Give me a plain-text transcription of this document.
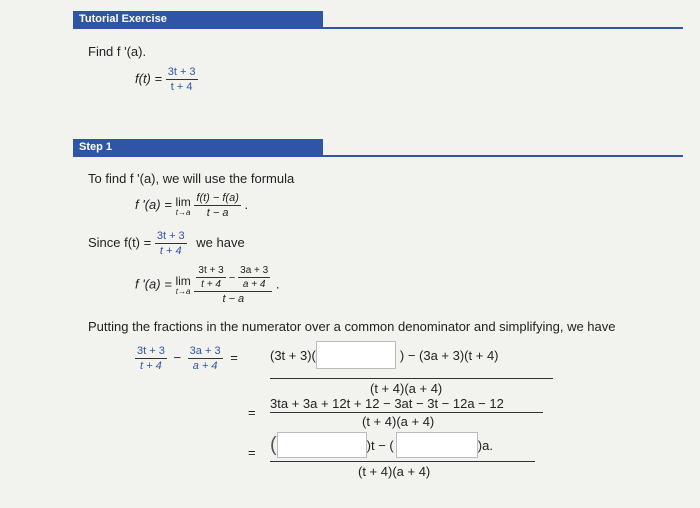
Tutorial Exercise
Find f '(a).
$f(t) = \frac{3t + 3}{t + 4}$
Step 1
To find f '(a), we will use the formula
f '(a) = lim
t→a
$\frac{f(t) - f(a)}{t - a}$ .
Since $f(t) = \frac{3t + 3}{t + 4}$ we have
f '(a) = lim
t→a

$\frac{3t + 3}{t + 4} - \frac{3a + 3}{a + 4}$
t − a
.
Putting the fractions in the numerator over a common denominator and simplifying, we have
$\frac{3t + 3}{t + 4} - \frac{3a + 3}{a + 4} = (3t + 3)$(	) − (3a + 3)(t + 4)
(t + 4)(a + 4)
=
3ta + 3a + 12t + 12 − 3at − 3t − 12a − 12
(t + 4)(a + 4)
= (	)t − (	)a .
(t + 4)(a + 4)
